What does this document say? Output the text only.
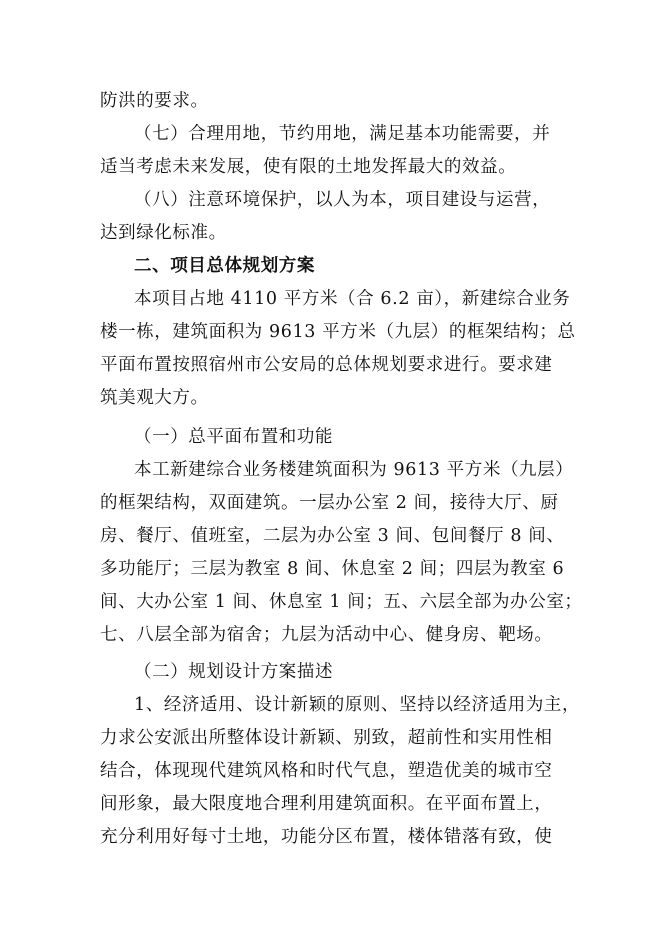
防洪的要求。
（七）合理用地，节约用地，满足基本功能需要，并
适当考虑未来发展，使有限的土地发挥最大的效益。
（八）注意环境保护，以人为本，项目建设与运营，
达到绿化标准。
二、项目总体规划方案
本项目占地 4110 平方米（合 6.2 亩），新建综合业务
楼一栋，建筑面积为 9613 平方米（九层）的框架结构；总
平面布置按照宿州市公安局的总体规划要求进行。要求建
筑美观大方。
（一）总平面布置和功能
本工新建综合业务楼建筑面积为 9613 平方米（九层）
的框架结构，双面建筑。一层办公室 2 间，接待大厅、厨
房、餐厅、值班室，二层为办公室 3 间、包间餐厅 8 间、
多功能厅；三层为教室 8 间、休息室 2 间；四层为教室 6
间、大办公室 1 间、休息室 1 间；五、六层全部为办公室；
七、八层全部为宿舍；九层为活动中心、健身房、靶场。
（二）规划设计方案描述
1、经济适用、设计新颖的原则、坚持以经济适用为主，
力求公安派出所整体设计新颖、别致，超前性和实用性相
结合，体现现代建筑风格和时代气息，塑造优美的城市空
间形象，最大限度地合理利用建筑面积。在平面布置上，
充分利用好每寸土地，功能分区布置，楼体错落有致，使
